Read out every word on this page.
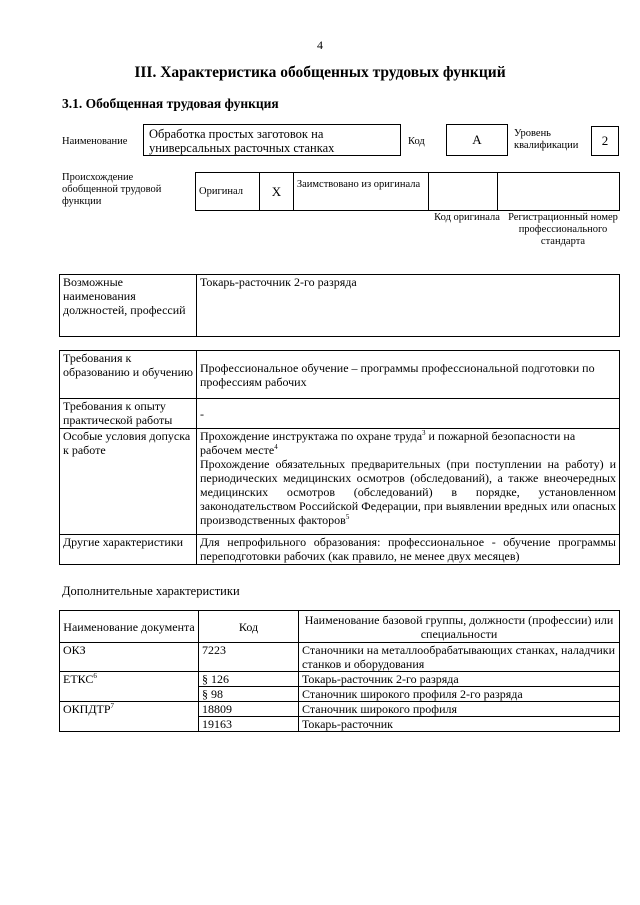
4
III. Характеристика обобщенных трудовых функций
3.1. Обобщенная трудовая функция
Наименование
Обработка простых заготовок на универсальных расточных станках	Код	А	Уровень квалификации	2
Происхождение обобщенной трудовой функции
Оригинал	X	Заимствовано из оригинала		
Код оригинала Регистрационный номер профессионального стандарта
Возможные наименования должностей, профессий	Токарь-расточник 2-го разряда
Требования к образованию и обучению	Профессиональное обучение – программы профессиональной подготовки по профессиям рабочих
Требования к опыту практической работы	-
Особые условия допуска к работе	Прохождение инструктажа по охране труда$^3$ и пожарной безопасности на рабочем месте$^4$
Прохождение обязательных предварительных (при поступлении на работу) и периодических медицинских осмотров (обследований), а также внеочередных медицинских осмотров (обследований) в порядке, установленном законодательством Российской Федерации, при выявлении вредных или опасных производственных факторов$^5$

Другие характеристики	Для непрофильного образования: профессиональное - обучение программы переподготовки рабочих (как правило, не менее двух месяцев)
Дополнительные характеристики
Наименование документа	Код	Наименование базовой группы, должности (профессии) или специальности
ОКЗ	7223	Станочники на металлообрабатывающих станках, наладчики станков и оборудования
ЕТКС$^6$	§ 126	Токарь-расточник 2-го разряда
	§ 98	Станочник широкого профиля 2-го разряда
ОКПДТР$^7$	18809	Станочник широкого профиля
	19163	Токарь-расточник
